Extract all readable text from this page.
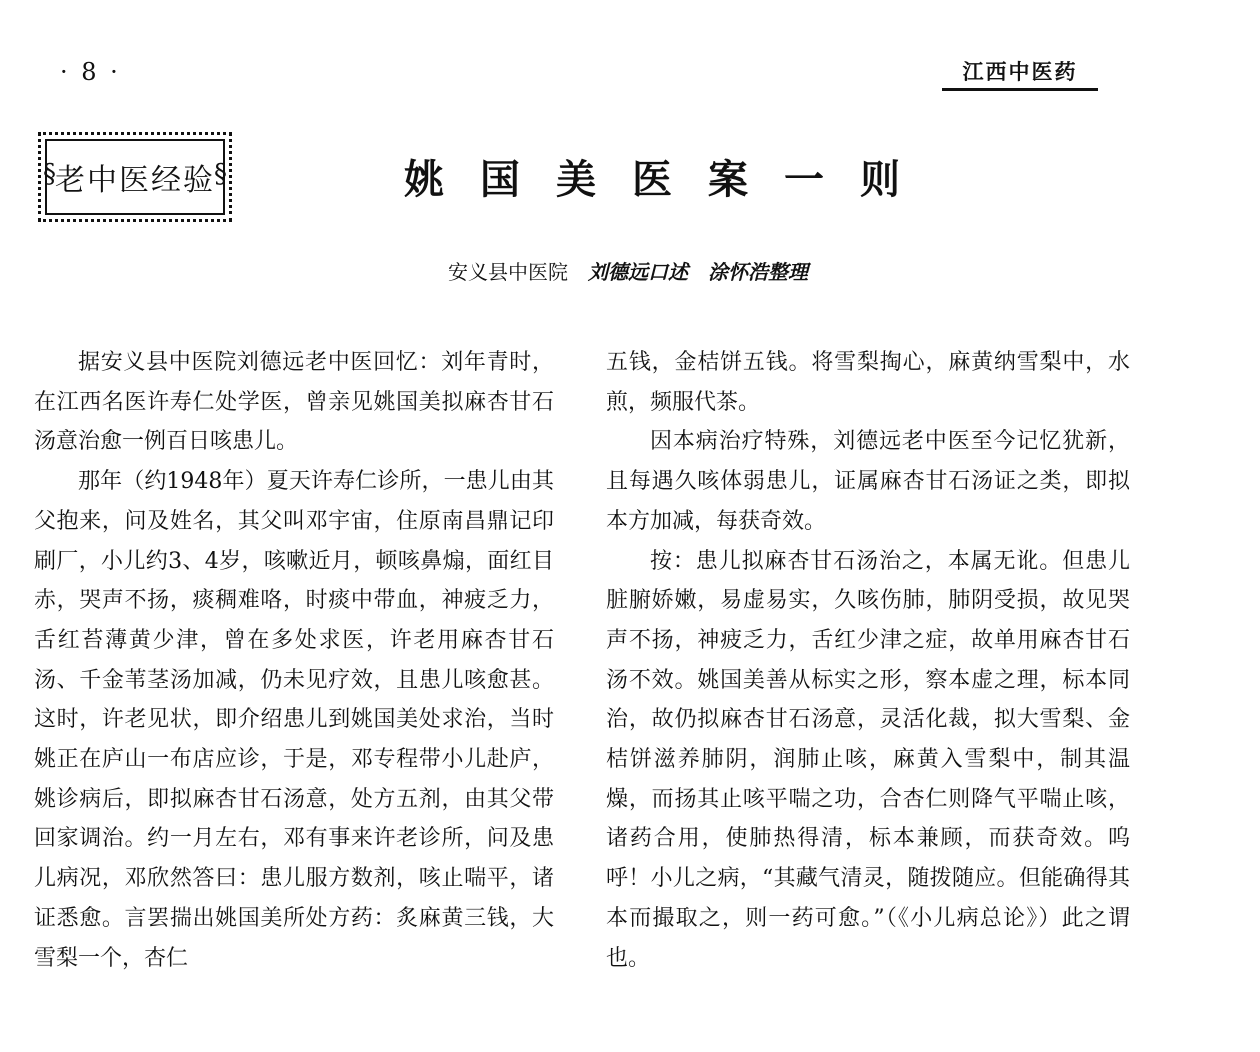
· 8 ·	江西中医药
§ 老中医经验 §	姚国美医案一则
安义县中医院 刘德远口述 涂怀浩整理

据安义县中医院刘德远老中医回忆：刘年青时，在江西名医许寿仁处学医，曾亲见姚国美拟麻杏甘石汤意治愈一例百日咳患儿。

那年（约1948年）夏天许寿仁诊所，一患儿由其父抱来，问及姓名，其父叫邓宇宙，住原南昌鼎记印刷厂，小儿约3、4岁，咳嗽近月，顿咳鼻煽，面红目赤，哭声不扬，痰稠难咯，时痰中带血，神疲乏力，舌红苔薄黄少津，曾在多处求医，许老用麻杏甘石汤、千金苇茎汤加减，仍未见疗效，且患儿咳愈甚。这时，许老见状，即介绍患儿到姚国美处求治，当时姚正在庐山一布店应诊，于是，邓专程带小儿赴庐，姚诊病后，即拟麻杏甘石汤意，处方五剂，由其父带回家调治。约一月左右，邓有事来许老诊所，问及患儿病况，邓欣然答曰：患儿服方数剂，咳止喘平，诸证悉愈。言罢揣出姚国美所处方药：炙麻黄三钱，大雪梨一个，杏仁

五钱，金桔饼五钱。将雪梨掏心，麻黄纳雪梨中，水煎，频服代茶。

因本病治疗特殊，刘德远老中医至今记忆犹新，且每遇久咳体弱患儿，证属麻杏甘石汤证之类，即拟本方加减，每获奇效。

按：患儿拟麻杏甘石汤治之，本属无讹。但患儿脏腑娇嫩，易虚易实，久咳伤肺，肺阴受损，故见哭声不扬，神疲乏力，舌红少津之症，故单用麻杏甘石汤不效。姚国美善从标实之形，察本虚之理，标本同治，故仍拟麻杏甘石汤意，灵活化裁，拟大雪梨、金桔饼滋养肺阴，润肺止咳，麻黄入雪梨中，制其温燥，而扬其止咳平喘之功，合杏仁则降气平喘止咳，诸药合用，使肺热得清，标本兼顾，而获奇效。呜呼！小儿之病，“其藏气清灵，随拨随应。但能确得其本而撮取之，则一药可愈。”（《小儿病总论》）此之谓也。
